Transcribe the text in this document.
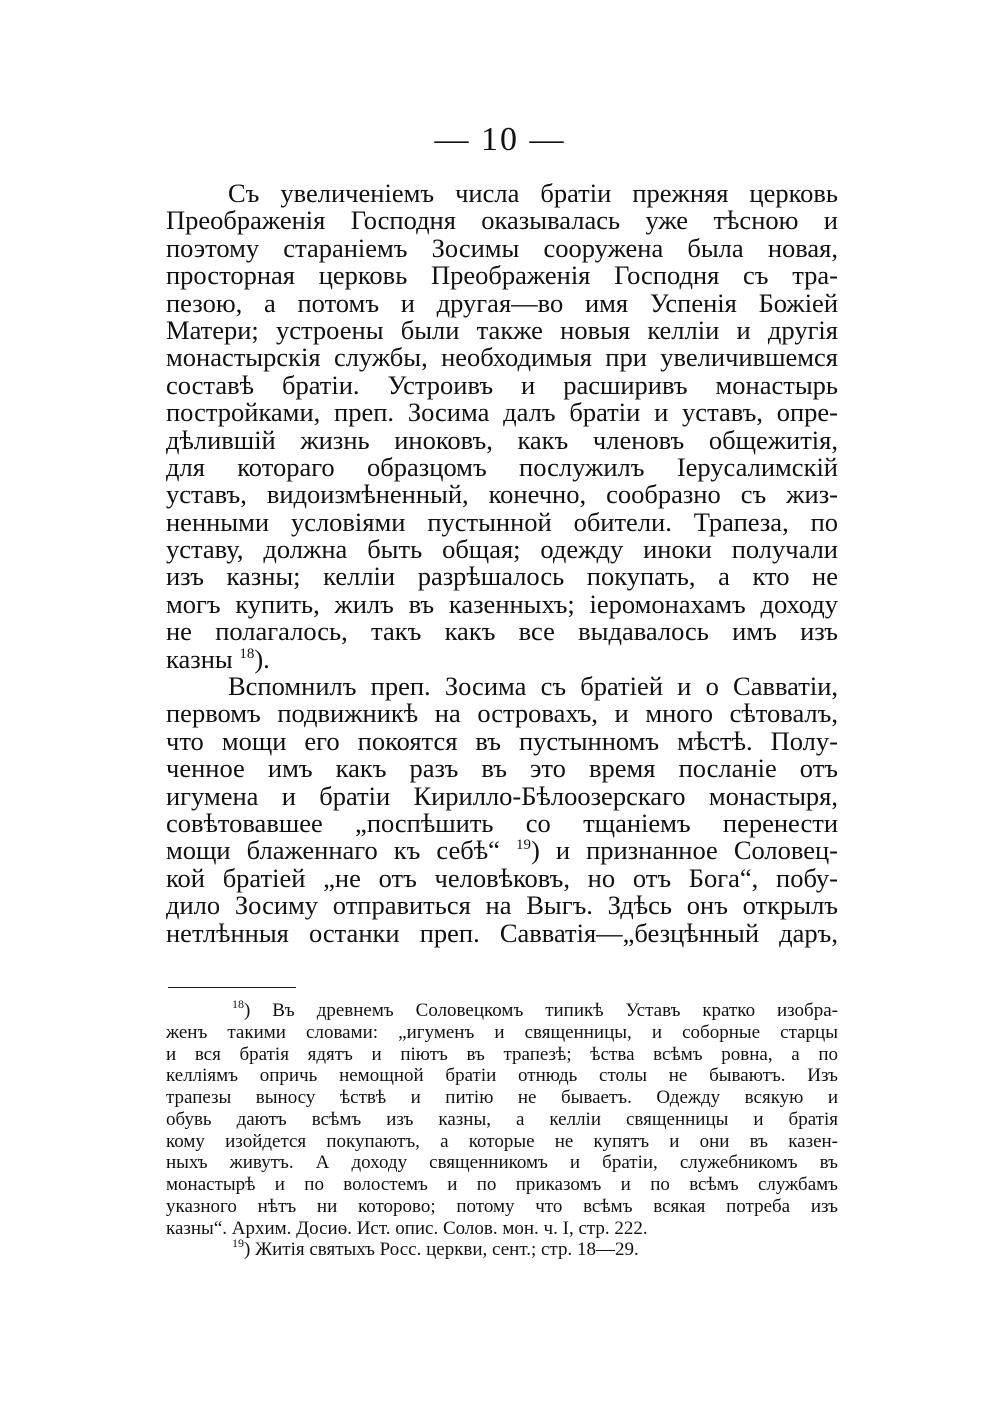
— 10 —
Съ увеличеніемъ числа братіи прежняя церковь
Преображенія Господня оказывалась уже тѣсною и
поэтому стараніемъ Зосимы сооружена была новая,
просторная церковь Преображенія Господня съ тра-
пезою, а потомъ и другая—во имя Успенія Божіей
Матери; устроены были также новыя келліи и другія
монастырскія службы, необходимыя при увеличившемся
составѣ братіи. Устроивъ и расширивъ монастырь
постройками, преп. Зосима далъ братіи и уставъ, опре-
дѣлившій жизнь иноковъ, какъ членовъ общежитія,
для котораго образцомъ послужилъ Іерусалимскій
уставъ, видоизмѣненный, конечно, сообразно съ жиз-
ненными условіями пустынной обители. Трапеза, по
уставу, должна быть общая; одежду иноки получали
изъ казны; келліи разрѣшалось покупать, а кто не
могъ купить, жилъ въ казенныхъ; іеромонахамъ доходу
не полагалось, такъ какъ все выдавалось имъ изъ
казны $^{18}$).
Вспомнилъ преп. Зосима съ братіей и о Савватіи,
первомъ подвижникѣ на островахъ, и много сѣтовалъ,
что мощи его покоятся въ пустынномъ мѣстѣ. Полу-
ченное имъ какъ разъ въ это время посланіе отъ
игумена и братіи Кирилло-Бѣлоозерскаго монастыря,
совѣтовавшее „поспѣшить со тщаніемъ перенести
мощи блаженнаго къ себѣ“ $^{19}$) и признанное Соловец-
кой братіей „не отъ человѣковъ, но отъ Бога“, побу-
дило Зосиму отправиться на Выгъ. Здѣсь онъ открылъ
нетлѣнныя останки преп. Савватія—„безцѣнный даръ,
$^{18}$) Въ древнемъ Соловецкомъ типикѣ Уставъ кратко изобра-
женъ такими словами: „игуменъ и священницы, и соборные старцы
и вся братія ядятъ и піютъ въ трапезѣ; ѣства всѣмъ ровна, а по
келліямъ опричь немощной братіи отнюдь столы не бываютъ. Изъ
трапезы выносу ѣствѣ и питію не бываетъ. Одежду всякую и
обувь даютъ всѣмъ изъ казны, а келліи священницы и братія
кому изойдется покупаютъ, а которые не купятъ и они въ казен-
ныхъ живутъ. А доходу священникомъ и братіи, служебникомъ въ
монастырѣ и по волостемъ и по приказомъ и по всѣмъ службамъ
указного нѣтъ ни которово; потому что всѣмъ всякая потреба изъ
казны“. Архим. Досиѳ. Ист. опис. Солов. мон. ч. I, стр. 222.
$^{19}$) Житія святыхъ Росс. церкви, сент.; стр. 18—29.
